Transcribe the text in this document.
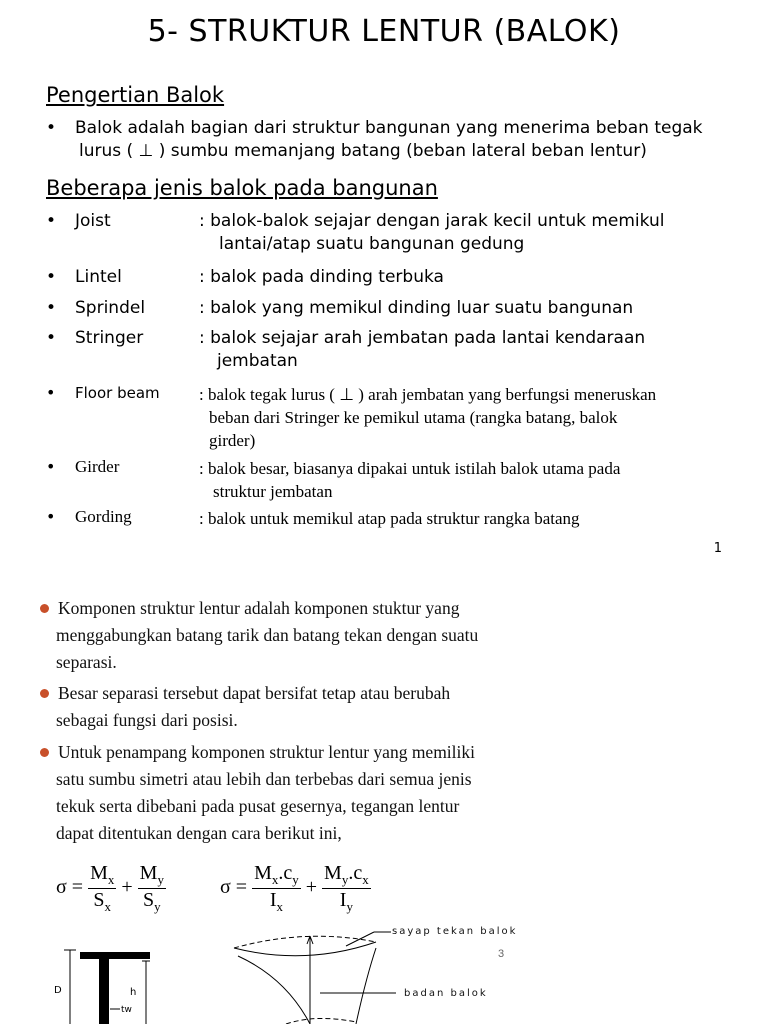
5- STRUKTUR LENTUR (BALOK)
Pengertian Balok
• Balok adalah bagian dari struktur bangunan yang menerima beban tegak
lurus ( ⊥ ) sumbu memanjang batang (beban lateral beban lentur)
Beberapa jenis balok pada bangunan
• Joist	: balok-balok sejajar dengan jarak kecil untuk memikul
lantai/atap suatu bangunan gedung
• Lintel	: balok pada dinding terbuka
• Sprindel	: balok yang memikul dinding luar suatu bangunan
• Stringer	: balok sejajar arah jembatan pada lantai kendaraan
jembatan
• Floor beam : balok tegak lurus ( ⊥ ) arah jembatan yang berfungsi meneruskan
beban dari Stringer ke pemikul utama (rangka batang, balok
girder)
• Girder	: balok besar, biasanya dipakai untuk istilah balok utama pada
struktur jembatan
• Gording	: balok untuk memikul atap pada struktur rangka batang
1
Komponen struktur lentur adalah komponen stuktur yang
menggabungkan batang tarik dan batang tekan dengan suatu
separasi.
Besar separasi tersebut dapat bersifat tetap atau berubah
sebagai fungsi dari posisi.
Untuk penampang komponen struktur lentur yang memiliki
satu sumbu simetri atau lebih dan terbebas dari semua jenis
tekuk serta dibebani pada pusat gesernya, tegangan lentur
dapat ditentukan dengan cara berikut ini,
$\sigma = \frac{M_x}{S_x} + \frac{M_y}{S_y}$	$\sigma = \frac{M_x.c_y}{I_x} + \frac{M_y.c_x}{I_y}$
D	h
tw
sayap tekan balok
badan balok
3
